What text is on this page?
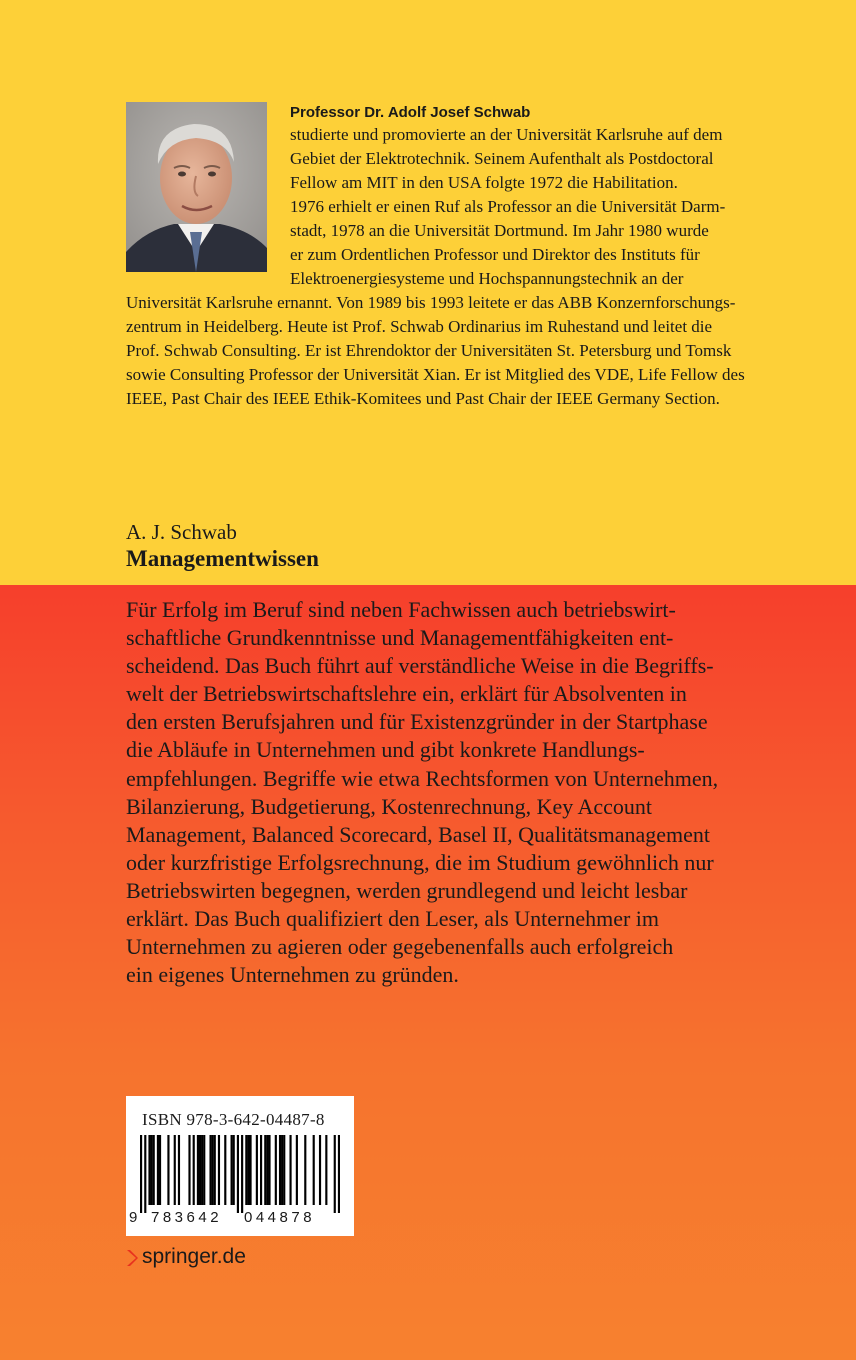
Professor Dr. Adolf Josef Schwab
studierte und promovierte an der Universität Karlsruhe auf dem
Gebiet der Elektrotechnik. Seinem Aufenthalt als Postdoctoral
Fellow am MIT in den USA folgte 1972 die Habilitation.
1976 erhielt er einen Ruf als Professor an die Universität Darm-
stadt, 1978 an die Universität Dortmund. Im Jahr 1980 wurde
er zum Ordentlichen Professor und Direktor des Instituts für
Elektroenergiesysteme und Hochspannungstechnik an der
Universität Karlsruhe ernannt. Von 1989 bis 1993 leitete er das ABB Konzernforschungs-
zentrum in Heidelberg. Heute ist Prof. Schwab Ordinarius im Ruhestand und leitet die
Prof. Schwab Consulting. Er ist Ehrendoktor der Universitäten St. Petersburg und Tomsk
sowie Consulting Professor der Universität Xian. Er ist Mitglied des VDE, Life Fellow des
IEEE, Past Chair des IEEE Ethik-Komitees und Past Chair der IEEE Germany Section.
A. J. Schwab
Managementwissen
Für Erfolg im Beruf sind neben Fachwissen auch betriebswirt-
schaftliche Grundkenntnisse und Managementfähigkeiten ent-
scheidend. Das Buch führt auf verständliche Weise in die Begriffs-
welt der Betriebswirtschaftslehre ein, erklärt für Absolventen in
den ersten Berufsjahren und für Existenzgründer in der Startphase
die Abläufe in Unternehmen und gibt konkrete Handlungs-
empfehlungen. Begriffe wie etwa Rechtsformen von Unternehmen,
Bilanzierung, Budgetierung, Kostenrechnung, Key Account
Management, Balanced Scorecard, Basel II, Qualitätsmanagement
oder kurzfristige Erfolgsrechnung, die im Studium gewöhnlich nur
Betriebswirten begegnen, werden grundlegend und leicht lesbar
erklärt. Das Buch qualifiziert den Leser, als Unternehmer im
Unternehmen zu agieren oder gegebenenfalls auch erfolgreich
ein eigenes Unternehmen zu gründen.
ISBN 978-3-642-04487-8
9 783642 044878
springer.de
